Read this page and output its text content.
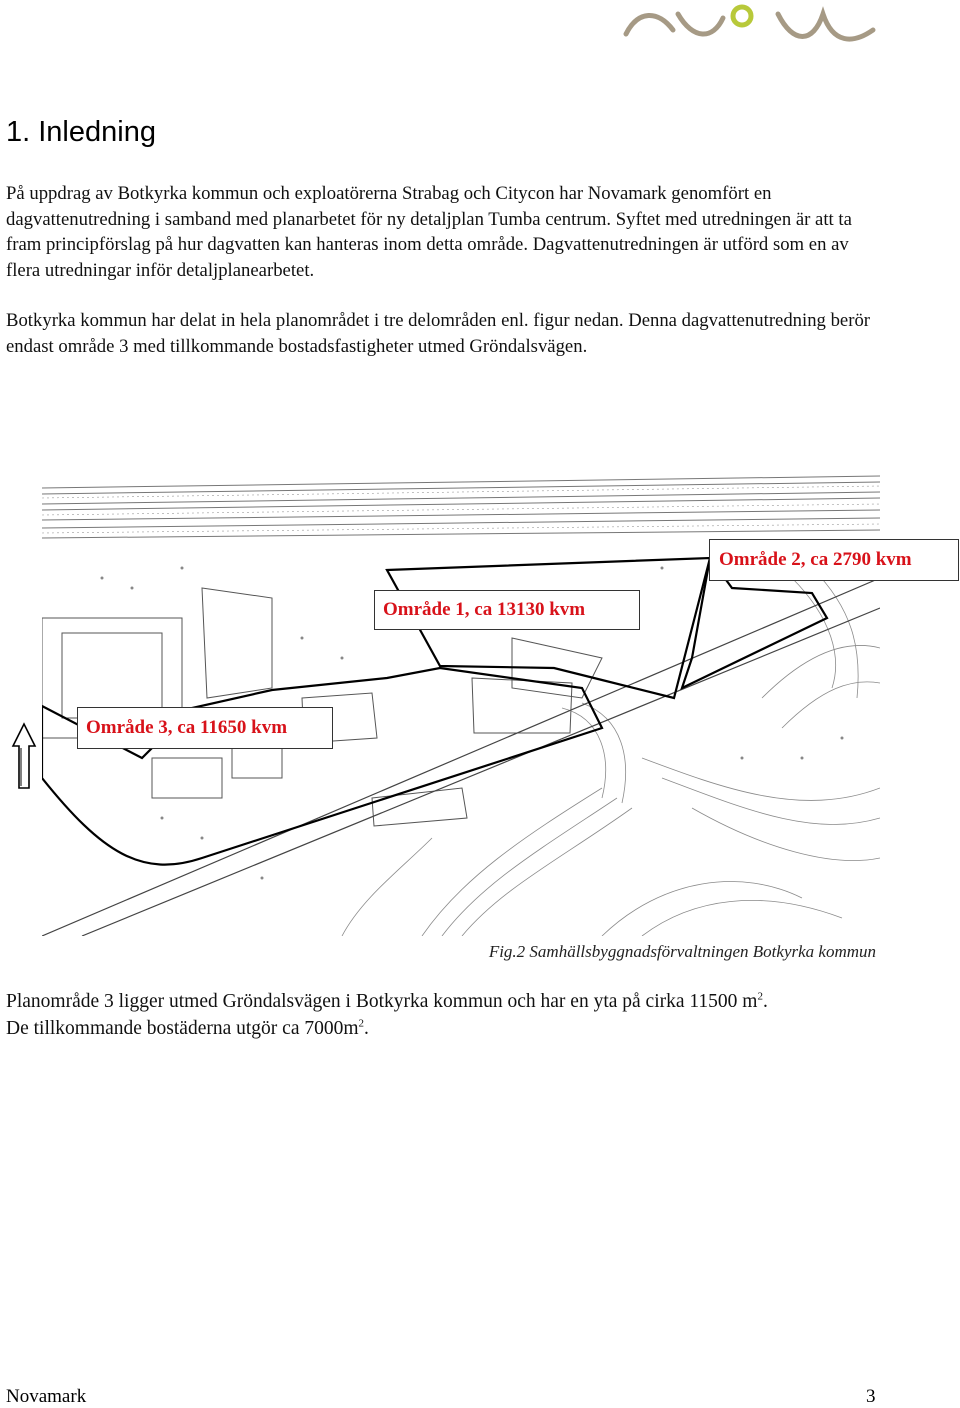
1. Inledning

På uppdrag av Botkyrka kommun och exploatörerna Strabag och Citycon har Novamark genomfört en dagvattenutredning i samband med planarbetet för ny detaljplan Tumba centrum. Syftet med utredningen är att ta fram principförslag på hur dagvatten kan hanteras inom detta område. Dagvattenutredningen är utförd som en av flera utredningar inför detaljplanearbetet.

Botkyrka kommun har delat in hela planområdet i tre delområden enl. figur nedan. Denna dagvattenutredning berör endast område 3 med tillkommande bostadsfastigheter utmed Gröndalsvägen.

Område 2, ca 2790 kvm
Område 1, ca 13130 kvm
Område 3, ca 11650 kvm
Fig.2 Samhällsbyggnadsförvaltningen Botkyrka kommun

Planområde 3 ligger utmed Gröndalsvägen i Botkyrka kommun och har en yta på cirka 11500 $m^2$.
De tillkommande bostäderna utgör ca $7000m^2$.

Novamark	3
